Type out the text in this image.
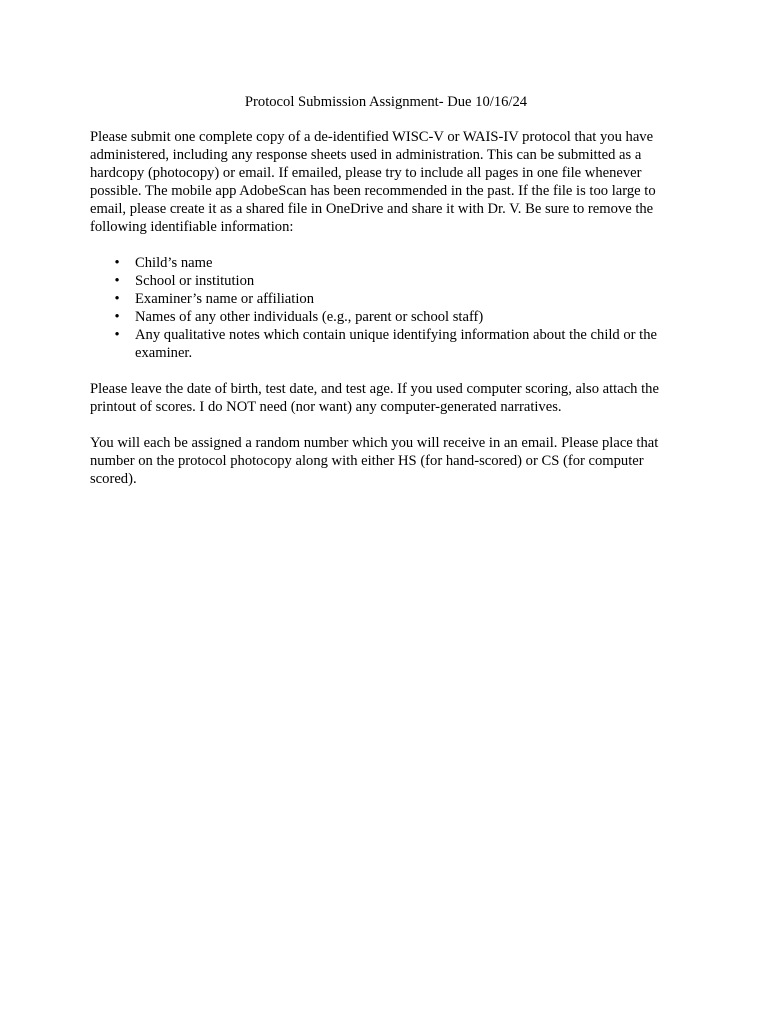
Protocol Submission Assignment- Due 10/16/24

Please submit one complete copy of a de-identified WISC-V or WAIS-IV protocol that you have administered, including any response sheets used in administration. This can be submitted as a hardcopy (photocopy) or email. If emailed, please try to include all pages in one file whenever possible. The mobile app AdobeScan has been recommended in the past. If the file is too large to email, please create it as a shared file in OneDrive and share it with Dr. V. Be sure to remove the following identifiable information:

• Child’s name
• School or institution
• Examiner’s name or affiliation
• Names of any other individuals (e.g., parent or school staff)
• Any qualitative notes which contain unique identifying information about the child or the examiner.

Please leave the date of birth, test date, and test age. If you used computer scoring, also attach the printout of scores. I do NOT need (nor want) any computer-generated narratives.

You will each be assigned a random number which you will receive in an email. Please place that number on the protocol photocopy along with either HS (for hand-scored) or CS (for computer scored).
